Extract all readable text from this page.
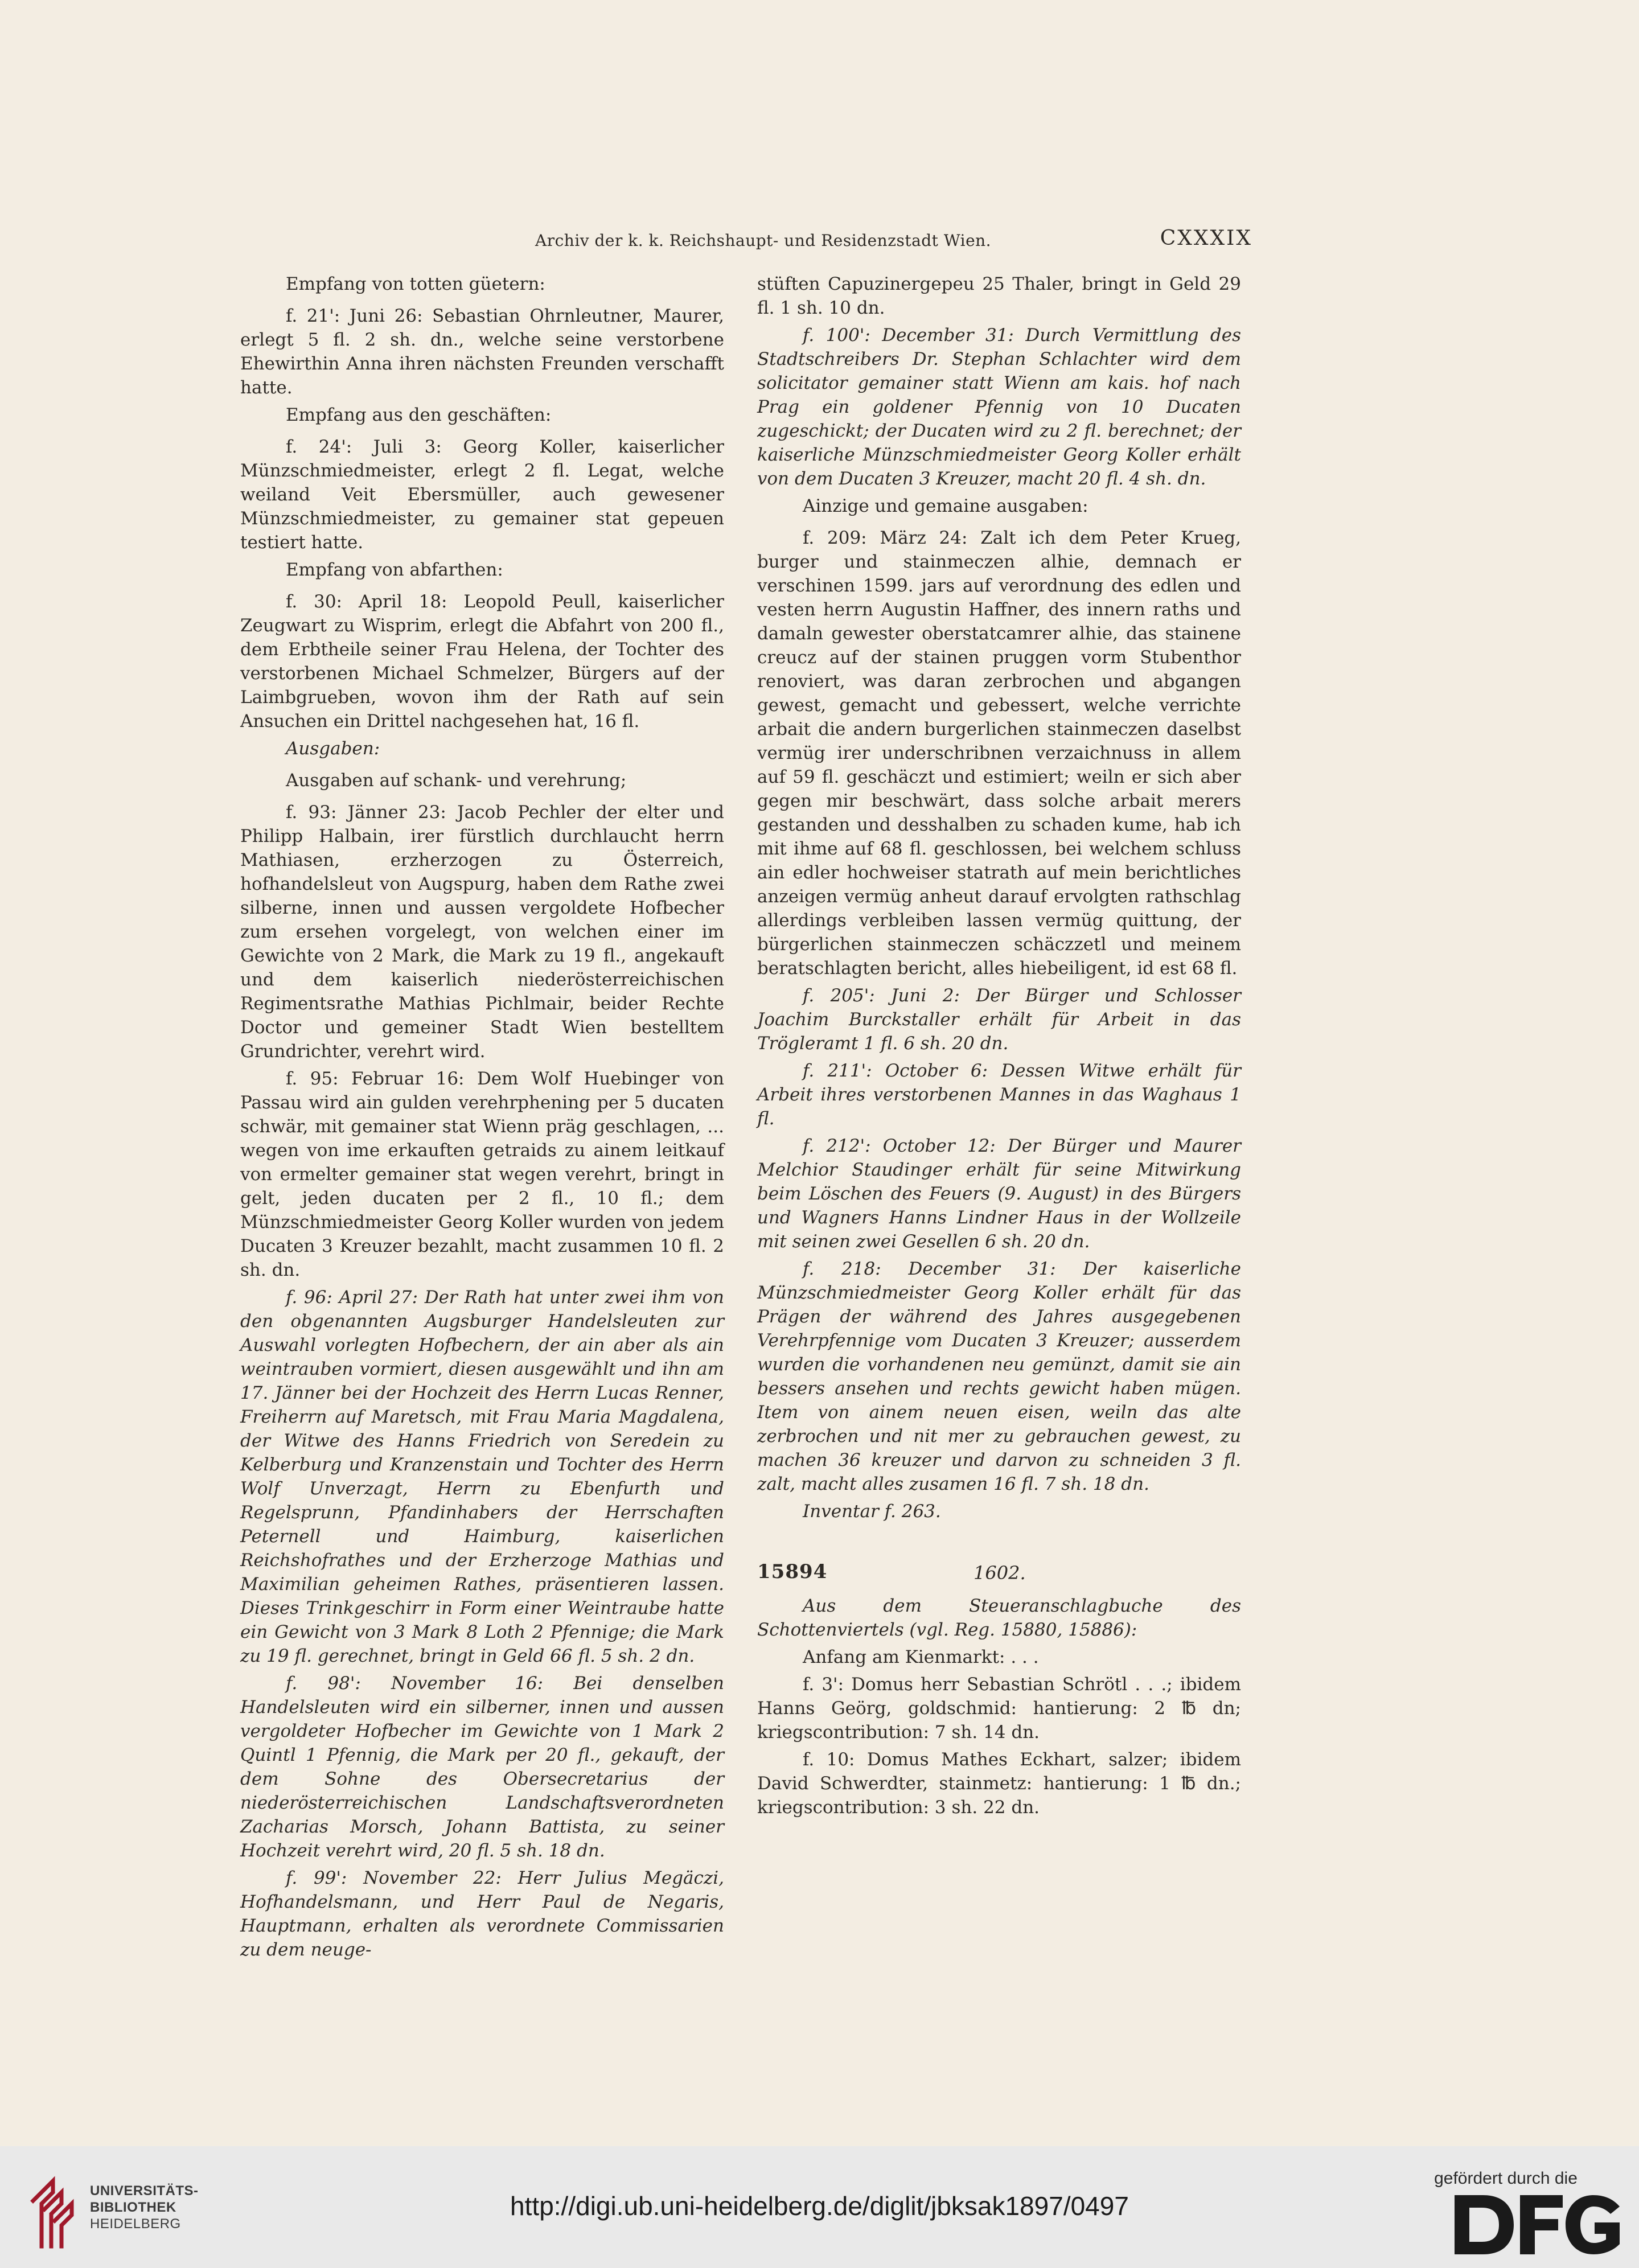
Archiv der k. k. Reichshaupt- und Residenzstadt Wien.	CXXXIX

Empfang von totten güetern:

f. 21': Juni 26: Sebastian Ohrnleutner, Maurer, erlegt 5 fl. 2 sh. dn., welche seine verstorbene Ehewirthin Anna ihren nächsten Freunden verschafft hatte.

Empfang aus den geschäften:

f. 24': Juli 3: Georg Koller, kaiserlicher Münzschmiedmeister, erlegt 2 fl. Legat, welche weiland Veit Ebersmüller, auch gewesener Münzschmiedmeister, zu gemainer stat gepeuen testiert hatte.

Empfang von abfarthen:

f. 30: April 18: Leopold Peull, kaiserlicher Zeugwart zu Wisprim, erlegt die Abfahrt von 200 fl., dem Erbtheile seiner Frau Helena, der Tochter des verstorbenen Michael Schmelzer, Bürgers auf der Laimbgrueben, wovon ihm der Rath auf sein Ansuchen ein Drittel nachgesehen hat, 16 fl.

Ausgaben:

Ausgaben auf schank- und verehrung;

f. 93: Jänner 23: Jacob Pechler der elter und Philipp Halbain, irer fürstlich durchlaucht herrn Mathiasen, erzherzogen zu Österreich, hofhandelsleut von Augspurg, haben dem Rathe zwei silberne, innen und aussen vergoldete Hofbecher zum ersehen vorgelegt, von welchen einer im Gewichte von 2 Mark, die Mark zu 19 fl., angekauft und dem kaiserlich niederösterreichischen Regimentsrathe Mathias Pichlmair, beider Rechte Doctor und gemeiner Stadt Wien bestelltem Grundrichter, verehrt wird.

f. 95: Februar 16: Dem Wolf Huebinger von Passau wird ain gulden verehrphening per 5 ducaten schwär, mit gemainer stat Wienn präg geschlagen, ... wegen von ime erkauften getraids zu ainem leitkauf von ermelter gemainer stat wegen verehrt, bringt in gelt, jeden ducaten per 2 fl., 10 fl.; dem Münzschmiedmeister Georg Koller wurden von jedem Ducaten 3 Kreuzer bezahlt, macht zusammen 10 fl. 2 sh. dn.

f. 96: April 27: Der Rath hat unter zwei ihm von den obgenannten Augsburger Handelsleuten zur Auswahl vorlegten Hofbechern, der ain aber als ain weintrauben vormiert, diesen ausgewählt und ihn am 17. Jänner bei der Hochzeit des Herrn Lucas Renner, Freiherrn auf Maretsch, mit Frau Maria Magdalena, der Witwe des Hanns Friedrich von Seredein zu Kelberburg und Kranzenstain und Tochter des Herrn Wolf Unverzagt, Herrn zu Ebenfurth und Regelsprunn, Pfandinhabers der Herrschaften Peternell und Haimburg, kaiserlichen Reichshofrathes und der Erzherzoge Mathias und Maximilian geheimen Rathes, präsentieren lassen. Dieses Trinkgeschirr in Form einer Weintraube hatte ein Gewicht von 3 Mark 8 Loth 2 Pfennige; die Mark zu 19 fl. gerechnet, bringt in Geld 66 fl. 5 sh. 2 dn.

f. 98': November 16: Bei denselben Handelsleuten wird ein silberner, innen und aussen vergoldeter Hofbecher im Gewichte von 1 Mark 2 Quintl 1 Pfennig, die Mark per 20 fl., gekauft, der dem Sohne des Obersecretarius der niederösterreichischen Landschaftsverordneten Zacharias Morsch, Johann Battista, zu seiner Hochzeit verehrt wird, 20 fl. 5 sh. 18 dn.

f. 99': November 22: Herr Julius Megäczi, Hofhandelsmann, und Herr Paul de Negaris, Hauptmann, erhalten als verordnete Commissarien zu dem neuge-

stüften Capuzinergepeu 25 Thaler, bringt in Geld 29 fl. 1 sh. 10 dn.

f. 100': December 31: Durch Vermittlung des Stadtschreibers Dr. Stephan Schlachter wird dem solicitator gemainer statt Wienn am kais. hof nach Prag ein goldener Pfennig von 10 Ducaten zugeschickt; der Ducaten wird zu 2 fl. berechnet; der kaiserliche Münzschmiedmeister Georg Koller erhält von dem Ducaten 3 Kreuzer, macht 20 fl. 4 sh. dn.

Ainzige und gemaine ausgaben:

f. 209: März 24: Zalt ich dem Peter Krueg, burger und stainmeczen alhie, demnach er verschinen 1599. jars auf verordnung des edlen und vesten herrn Augustin Haffner, des innern raths und damaln gewester oberstatcamrer alhie, das stainene creucz auf der stainen pruggen vorm Stubenthor renoviert, was daran zerbrochen und abgangen gewest, gemacht und gebessert, welche verrichte arbait die andern burgerlichen stainmeczen daselbst vermüg irer underschribnen verzaichnuss in allem auf 59 fl. geschäczt und estimiert; weiln er sich aber gegen mir beschwärt, dass solche arbait merers gestanden und desshalben zu schaden kume, hab ich mit ihme auf 68 fl. geschlossen, bei welchem schluss ain edler hochweiser statrath auf mein berichtliches anzeigen vermüg anheut darauf ervolgten rathschlag allerdings verbleiben lassen vermüg quittung, der bürgerlichen stainmeczen schäczzetl und meinem beratschlagten bericht, alles hiebeiligent, id est 68 fl.

f. 205': Juni 2: Der Bürger und Schlosser Joachim Burckstaller erhält für Arbeit in das Trögleramt 1 fl. 6 sh. 20 dn.

f. 211': October 6: Dessen Witwe erhält für Arbeit ihres verstorbenen Mannes in das Waghaus 1 fl.

f. 212': October 12: Der Bürger und Maurer Melchior Staudinger erhält für seine Mitwirkung beim Löschen des Feuers (9. August) in des Bürgers und Wagners Hanns Lindner Haus in der Wollzeile mit seinen zwei Gesellen 6 sh. 20 dn.

f. 218: December 31: Der kaiserliche Münzschmiedmeister Georg Koller erhält für das Prägen der während des Jahres ausgegebenen Verehrpfennige vom Ducaten 3 Kreuzer; ausserdem wurden die vorhandenen neu gemünzt, damit sie ain bessers ansehen und rechts gewicht haben mügen. Item von ainem neuen eisen, weiln das alte zerbrochen und nit mer zu gebrauchen gewest, zu machen 36 kreuzer und darvon zu schneiden 3 fl. zalt, macht alles zusamen 16 fl. 7 sh. 18 dn.

Inventar f. 263.

15894	1602.

Aus dem Steueranschlagbuche des Schottenviertels (vgl. Reg. 15880, 15886):

Anfang am Kienmarkt: . . .

f. 3': Domus herr Sebastian Schrötl . . .; ibidem Hanns Geörg, goldschmid: hantierung: 2 ℔ dn; kriegscontribution: 7 sh. 14 dn.

f. 10: Domus Mathes Eckhart, salzer; ibidem David Schwerdter, stainmetz: hantierung: 1 ℔ dn.; kriegscontribution: 3 sh. 22 dn.

UNIVERSITÄTS-
BIBLIOTHEK
HEIDELBERG
http://digi.ub.uni-heidelberg.de/diglit/jbksak1897/0497
gefördert durch die
